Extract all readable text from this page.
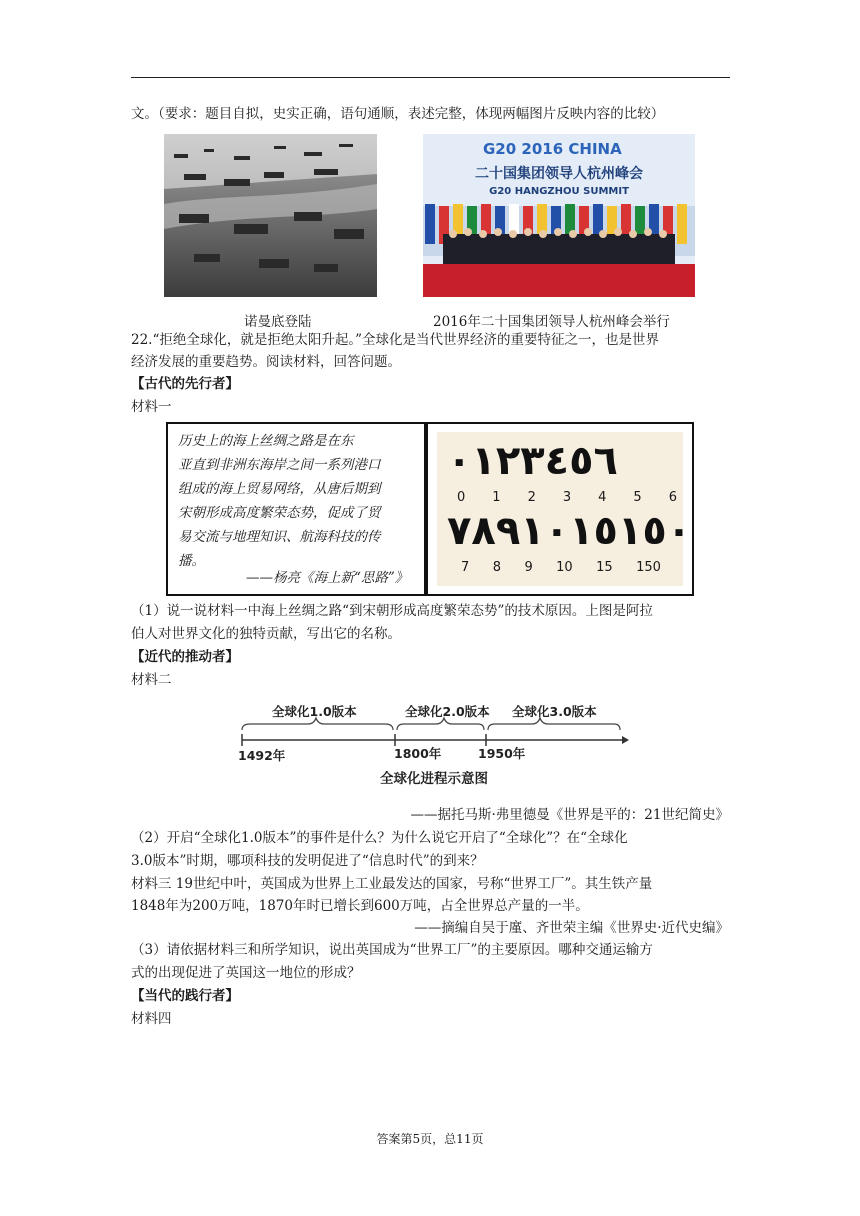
文。（要求：题目自拟，史实正确，语句通顺，表述完整，体现两幅图片反映内容的比较）
诺曼底登陆
G20 2016 CHINA
二十国集团领导人杭州峰会
G20 HANGZHOU SUMMIT
2016年二十国集团领导人杭州峰会举行
22.“拒绝全球化，就是拒绝太阳升起。”全球化是当代世界经济的重要特征之一，也是世界
经济发展的重要趋势。阅读材料，回答问题。
【古代的先行者】
材料一
历史上的海上丝绸之路是在东
亚直到非洲东海岸之间一系列港口
组成的海上贸易网络，从唐后期到
宋朝形成高度繁荣态势，促成了贸
易交流与地理知识、航海科技的传
播。
——杨亮《海上新“思路”》
٠١٢٣٤٥٦
0 1 2 3 4 5 6
٧٨٩١٠١٥١٥٠
7 8 9 10 15 150
（1）说一说材料一中海上丝绸之路“到宋朝形成高度繁荣态势”的技术原因。上图是阿拉
伯人对世界文化的独特贡献，写出它的名称。
【近代的推动者】
材料二
全球化1.0版本	全球化2.0版本 全球化3.0版本
1492年	1800年	1950年
全球化进程示意图
——据托马斯·弗里德曼《世界是平的：21世纪简史》
（2）开启“全球化1.0版本”的事件是什么？为什么说它开启了“全球化”？在“全球化
3.0版本”时期，哪项科技的发明促进了“信息时代”的到来？
材料三 19世纪中叶，英国成为世界上工业最发达的国家，号称“世界工厂”。其生铁产量
1848年为200万吨，1870年时已增长到600万吨，占全世界总产量的一半。
——摘编自吴于廑、齐世荣主编《世界史·近代史编》
（3）请依据材料三和所学知识，说出英国成为“世界工厂”的主要原因。哪种交通运输方
式的出现促进了英国这一地位的形成？
【当代的践行者】
材料四
答案第5页，总11页
